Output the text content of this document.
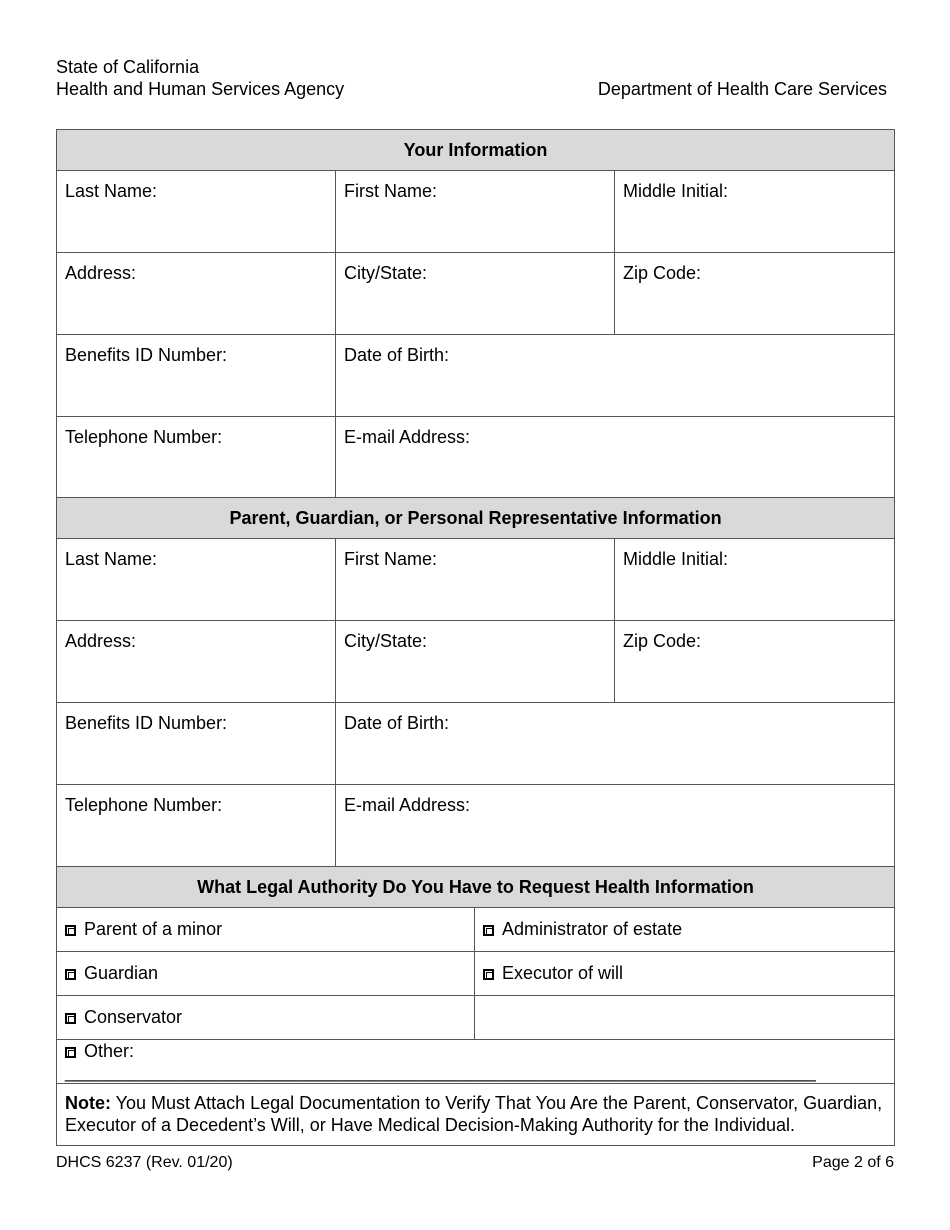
State of California
Health and Human Services Agency	Department of Health Care Services
Your Information		
Last Name:	First Name:	Middle Initial:
Address:	City/State:	Zip Code:
Benefits ID Number:	Date of Birth:	
Telephone Number:	E-mail Address:	
Parent, Guardian, or Personal Representative Information			
Last Name:	First Name:		Middle Initial:
Address:	City/State:		Zip Code:
Benefits ID Number:	Date of Birth:		
Telephone Number:	E-mail Address:		
What Legal Authority Do You Have to Request Health Information			
Parent of a minor		Administrator of estate	
Guardian		Executor of will	
Conservator			
Other: ___________________________________________________________________________			
Note: You Must Attach Legal Documentation to Verify That You Are the Parent, Conservator, Guardian, Executor of a Decedent’s Will, or Have Medical Decision-Making Authority for the Individual.			
DHCS 6237 (Rev. 01/20)	Page 2 of 6
